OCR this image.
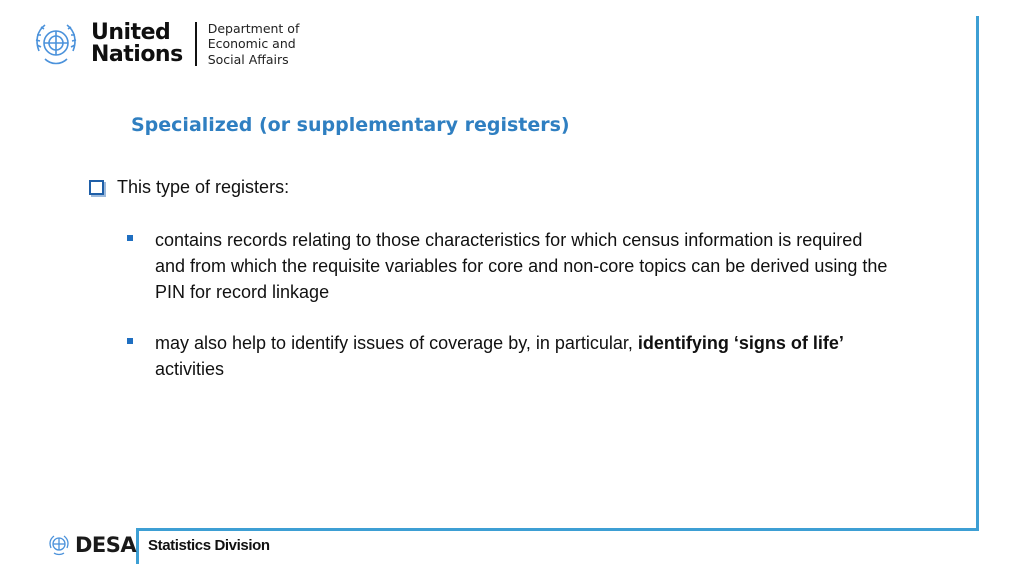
United
Nations
Department of
Economic and
Social Affairs
Specialized (or supplementary registers)
This type of registers:
contains records relating to those characteristics for which census information is required and from which the requisite variables for core and non-core topics can be derived using the PIN for record linkage
may also help to identify issues of coverage by, in particular, identifying ‘signs of life’ activities
DESA Statistics Division
